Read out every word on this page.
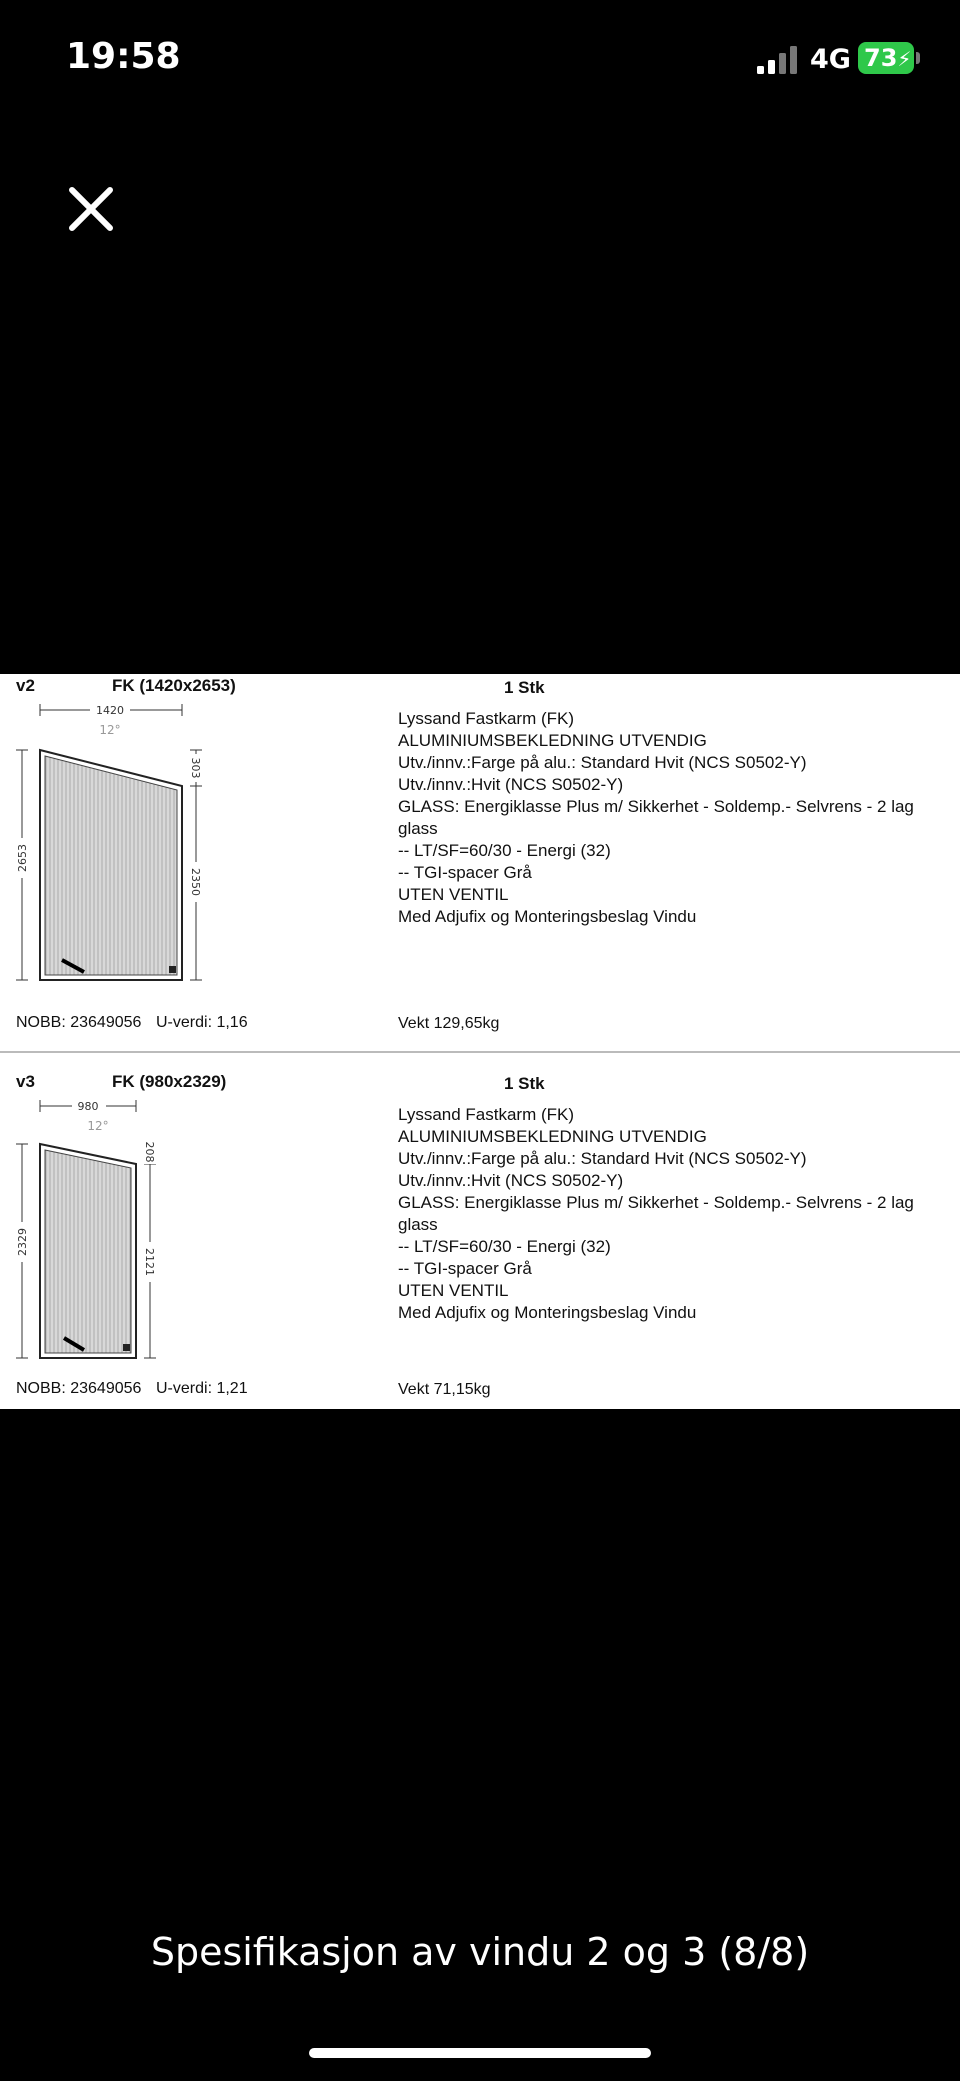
19:58	4G 73⚡
v2	FK (1420x2653)	1 Stk
1420
12°
2653
303
2350
Lyssand Fastkarm (FK)
ALUMINIUMSBEKLEDNING UTVENDIG
Utv./innv.:Farge på alu.: Standard Hvit (NCS S0502-Y)
Utv./innv.:Hvit (NCS S0502-Y)
GLASS: Energiklasse Plus m/ Sikkerhet - Soldemp.- Selvrens - 2 lag glass
-- LT/SF=60/30 - Energi (32)
-- TGI-spacer Grå
UTEN VENTIL
Med Adjufix og Monteringsbeslag Vindu
NOBB: 23649056 U-verdi: 1,16	Vekt 129,65kg
v3	FK (980x2329)	1 Stk
980
12°
2329
208
2121
Lyssand Fastkarm (FK)
ALUMINIUMSBEKLEDNING UTVENDIG
Utv./innv.:Farge på alu.: Standard Hvit (NCS S0502-Y)
Utv./innv.:Hvit (NCS S0502-Y)
GLASS: Energiklasse Plus m/ Sikkerhet - Soldemp.- Selvrens - 2 lag glass
-- LT/SF=60/30 - Energi (32)
-- TGI-spacer Grå
UTEN VENTIL
Med Adjufix og Monteringsbeslag Vindu
NOBB: 23649056 U-verdi: 1,21	Vekt 71,15kg
Spesifikasjon av vindu 2 og 3 (8/8)
